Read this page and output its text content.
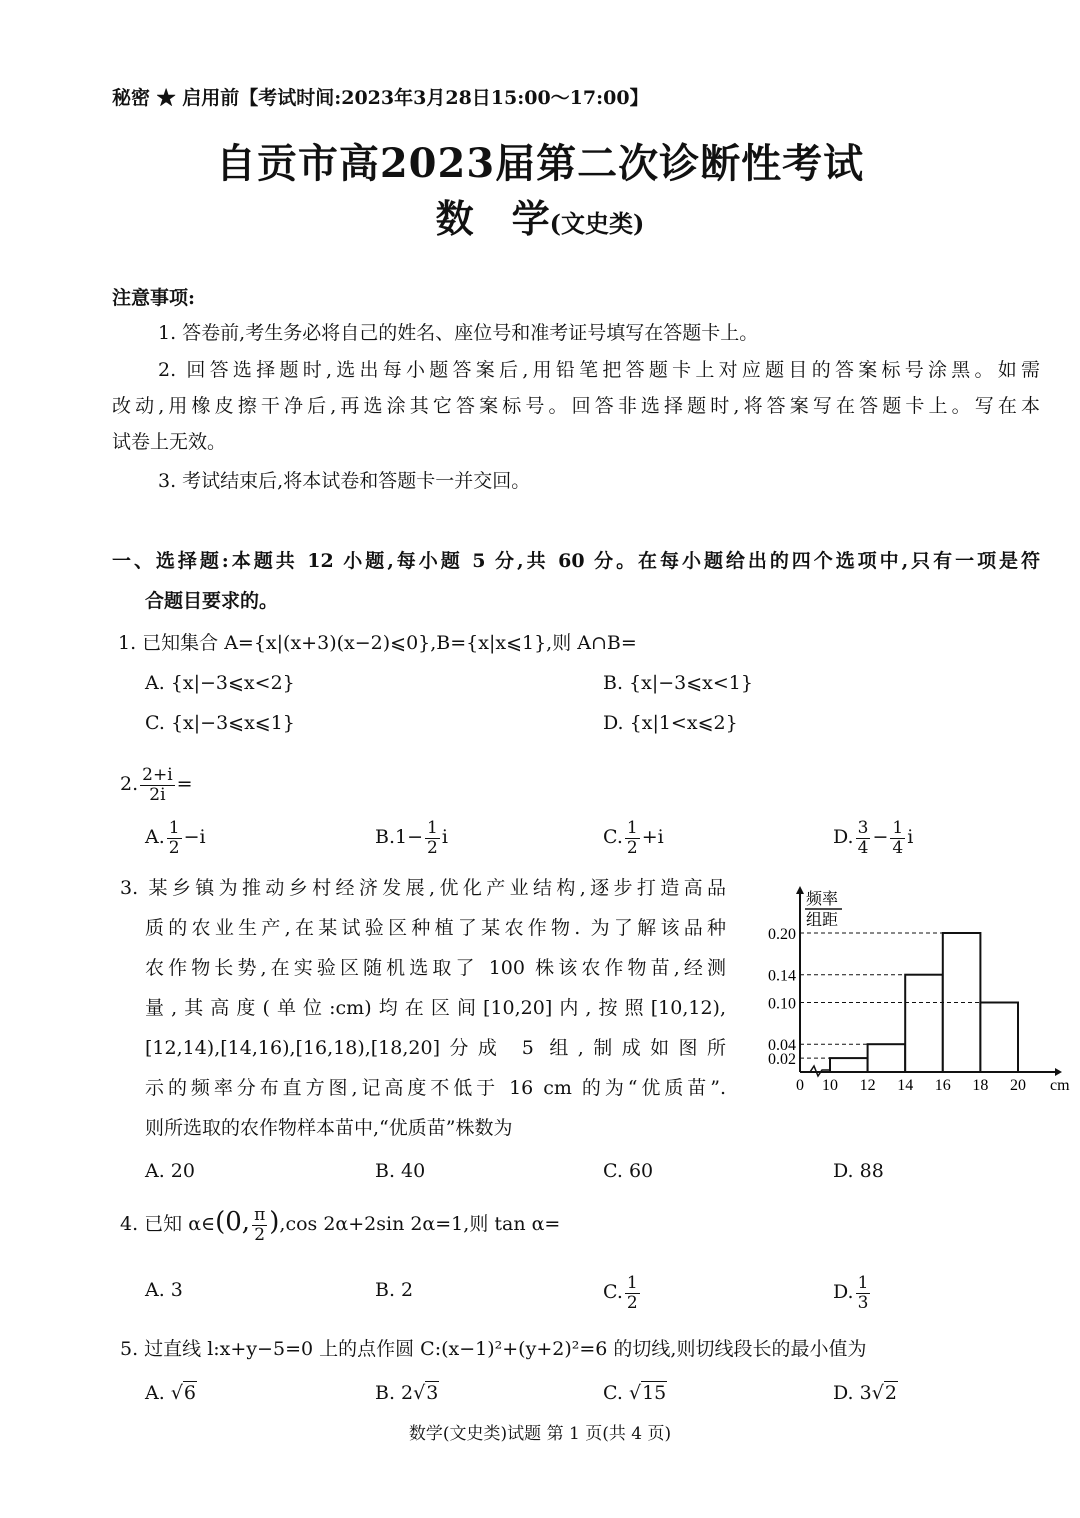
秘密 ★ 启用前【考试时间:2023年3月28日15:00～17:00】
自贡市高2023届第二次诊断性考试
数　学(文史类)
注意事项:
1. 答卷前,考生务必将自己的姓名、座位号和准考证号填写在答题卡上。
2. 回答选择题时,选出每小题答案后,用铅笔把答题卡上对应题目的答案标号涂黑。如需
改动,用橡皮擦干净后,再选涂其它答案标号。回答非选择题时,将答案写在答题卡上。写在本
试卷上无效。
3. 考试结束后,将本试卷和答题卡一并交回。
一、选择题:本题共 12 小题,每小题 5 分,共 60 分。在每小题给出的四个选项中,只有一项是符
合题目要求的。
1. 已知集合 A={x|(x+3)(x−2)⩽0},B={x|x⩽1},则 A∩B=
A. {x|−3⩽x<2}	B. {x|−3⩽x<1}
C. {x|−3⩽x⩽1}	D. {x|1<x⩽2}
2. $\frac{2+i}{2i}$ =
A. $\frac{1}{2} -i$	$B.1- \frac{1}{2}$ i	C. $\frac{1}{2} +i$	D. $\frac{3}{4} - \frac{1}{4}$ i
3. 某乡镇为推动乡村经济发展,优化产业结构,逐步打造高品
质的农业生产,在某试验区种植了某农作物. 为了解该品种
农作物长势,在实验区随机选取了 100 株该农作物苗,经测
量,其高度(单位:cm)均在区间[10,20]内,按照[10,12),
[12,14),[14,16),[16,18),[18,20]分成 5 组,制成如图所
示的频率分布直方图,记高度不低于 16 cm 的为“优质苗”.
则所选取的农作物样本苗中,“优质苗”株数为
0.20
0.14
0.10
0.04
0.02
0 10 12 14 16 18 20 cm
频率
组距
A. 20	B. 40	C. 60	D. 88
4. 已知 α∈(0, $\frac{\pi}{2} ),\cos$ 2α+2sin 2α=1,则 tan α=
A. 3	B. 2	C. $\frac{1}{2}$	D. $\frac{1}{3}$
5. 过直线 l:x+y−5=0 上的点作圆 C:(x−1)²+(y+2)²=6 的切线,则切线段长的最小值为
A. √6	B. 2√3	C. √15	D. 3√2
数学(文史类)试题 第 1 页(共 4 页)
